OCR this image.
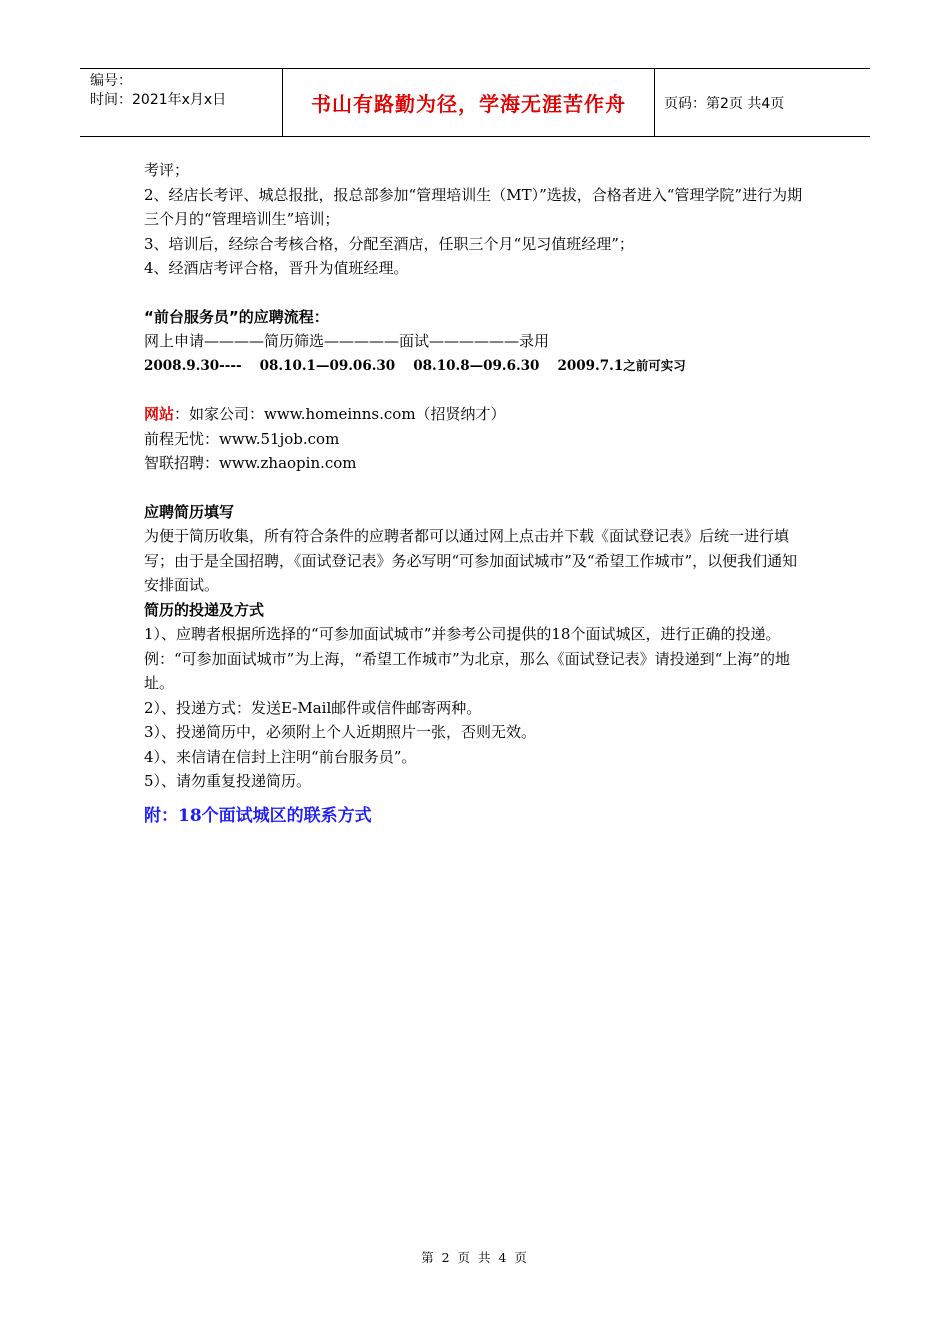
编号：
时间：2021年x月x日	书山有路勤为径，学海无涯苦作舟	页码：第2页 共4页

考评；

2、经店长考评、城总报批，报总部参加“管理培训生（MT）”选拔，合格者进入“管理学院”进行为期

三个月的“管理培训生”培训；

3、培训后，经综合考核合格，分配至酒店，任职三个月“见习值班经理”；

4、经酒店考评合格，晋升为值班经理。

“前台服务员”的应聘流程：

网上申请————简历筛选—————面试——————录用

2008.9.30---- 08.10.1—09.06.30 08.10.8—09.6.30 2009.7.1之前可实习

网站：如家公司：www.homeinns.com（招贤纳才）

前程无忧：www.51job.com

智联招聘：www.zhaopin.com

应聘简历填写

为便于简历收集，所有符合条件的应聘者都可以通过网上点击并下载《面试登记表》后统一进行填写；由于是全国招聘，《面试登记表》务必写明“可参加面试城市”及“希望工作城市”，以便我们通知安排面试。

简历的投递及方式

1）、应聘者根据所选择的“可参加面试城市”并参考公司提供的18个面试城区，进行正确的投递。例：“可参加面试城市”为上海，“希望工作城市”为北京，那么《面试登记表》请投递到“上海”的地址。

2）、投递方式：发送E-Mail邮件或信件邮寄两种。

3）、投递简历中，必须附上个人近期照片一张，否则无效。

4）、来信请在信封上注明“前台服务员”。

5）、请勿重复投递简历。

附：18个面试城区的联系方式

第 2 页 共 4 页
